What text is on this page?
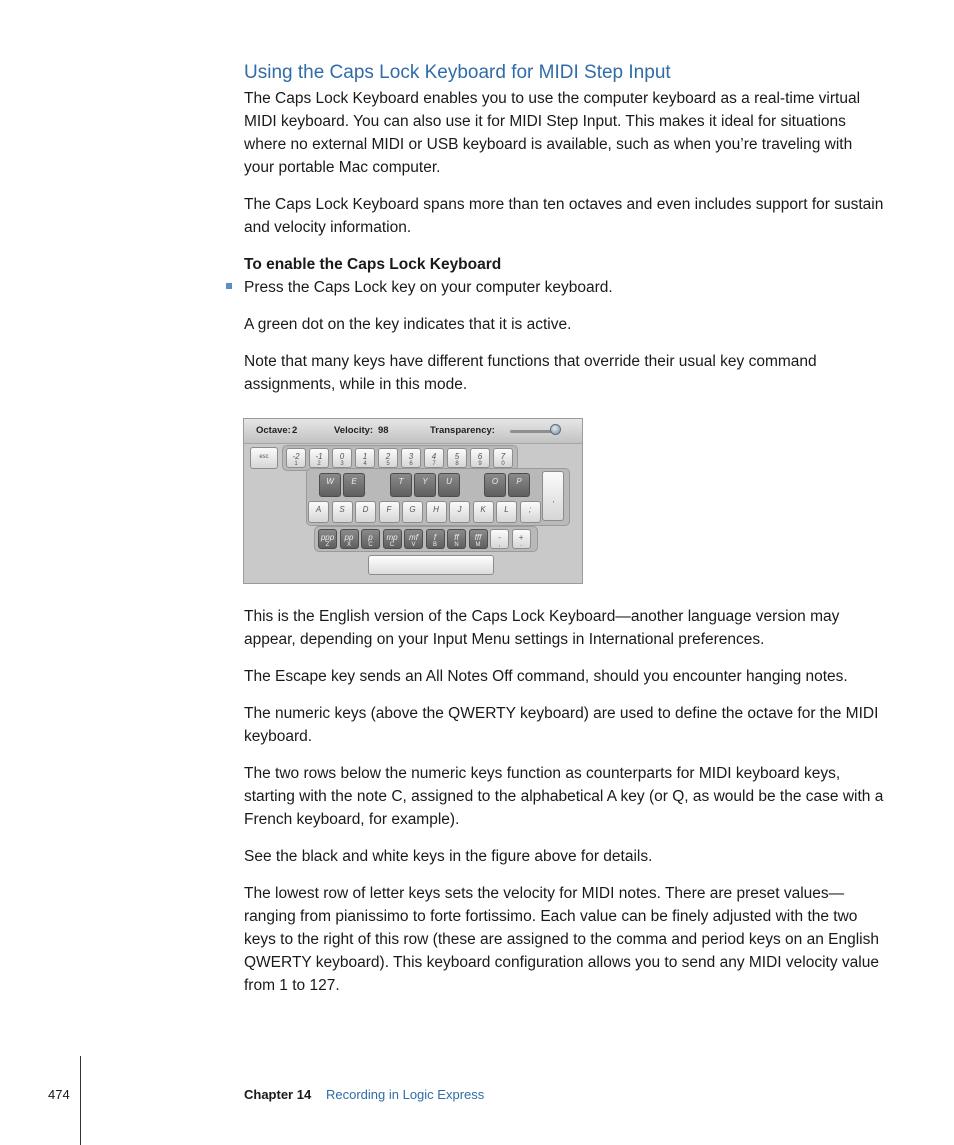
Using the Caps Lock Keyboard for MIDI Step Input

The Caps Lock Keyboard enables you to use the computer keyboard as a real-time virtual MIDI keyboard. You can also use it for MIDI Step Input. This makes it ideal for situations where no external MIDI or USB keyboard is available, such as when you’re traveling with your portable Mac computer.

The Caps Lock Keyboard spans more than ten octaves and even includes support for sustain and velocity information.

To enable the Caps Lock Keyboard

Press the Caps Lock key on your computer keyboard.

A green dot on the key indicates that it is active.

Note that many keys have different functions that override their usual key command assignments, while in this mode.

Octave: 2	Velocity: 98	Transparency:
esc
’
-2
1
-1
2
0
3
1
4
2
5
3
6
4
7
5
8
6
9
7
0
W	E	T	Y	U	O	P
A	S	D	F	G	H	J	K	L	;
ppp
Z
pp
X
p
C
mp
C
mf
V
f
B
ff
N
fff
M
-
,
+
.

This is the English version of the Caps Lock Keyboard—another language version may appear, depending on your Input Menu settings in International preferences.

The Escape key sends an All Notes Off command, should you encounter hanging notes.

The numeric keys (above the QWERTY keyboard) are used to define the octave for the MIDI keyboard.

The two rows below the numeric keys function as counterparts for MIDI keyboard keys, starting with the note C, assigned to the alphabetical A key (or Q, as would be the case with a French keyboard, for example).

See the black and white keys in the figure above for details.

The lowest row of letter keys sets the velocity for MIDI notes. There are preset values—ranging from pianissimo to forte fortissimo. Each value can be finely adjusted with the two keys to the right of this row (these are assigned to the comma and period keys on an English QWERTY keyboard). This keyboard configuration allows you to send any MIDI velocity value from 1 to 127.

474	Chapter 14 Recording in Logic Express
